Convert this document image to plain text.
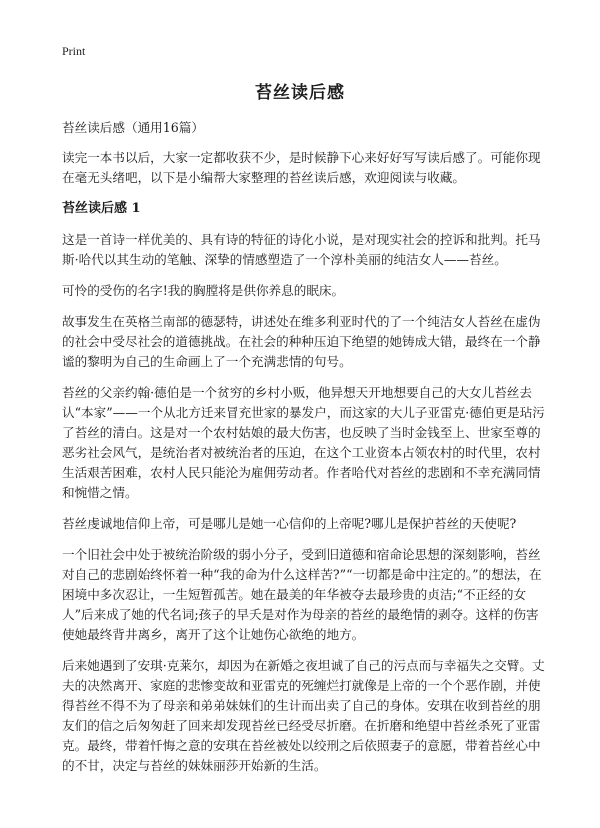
Print
苔丝读后感

苔丝读后感（通用16篇）

读完一本书以后，大家一定都收获不少，是时候静下心来好好写写读后感了。可能你现在毫无头绪吧，以下是小编帮大家整理的苔丝读后感，欢迎阅读与收藏。

苔丝读后感 1

这是一首诗一样优美的、具有诗的特征的诗化小说，是对现实社会的控诉和批判。托马斯·哈代以其生动的笔触、深挚的情感塑造了一个淳朴美丽的纯洁女人——苔丝。

可怜的受伤的名字!我的胸膛将是供你养息的眠床。

故事发生在英格兰南部的德瑟特，讲述处在维多利亚时代的了一个纯洁女人苔丝在虚伪的社会中受尽社会的道德挑战。在社会的种种压迫下绝望的她铸成大错，最终在一个静谧的黎明为自己的生命画上了一个充满悲情的句号。

苔丝的父亲约翰·德伯是一个贫穷的乡村小贩，他异想天开地想要自己的大女儿苔丝去认“本家”——一个从北方迁来冒充世家的暴发户，而这家的大儿子亚雷克·德伯更是玷污了苔丝的清白。这是对一个农村姑娘的最大伤害，也反映了当时金钱至上、世家至尊的恶劣社会风气，是统治者对被统治者的压迫，在这个工业资本占领农村的时代里，农村生活艰苦困难，农村人民只能沦为雇佣劳动者。作者哈代对苔丝的悲剧和不幸充满同情和惋惜之情。

苔丝虔诚地信仰上帝，可是哪儿是她一心信仰的上帝呢?哪儿是保护苔丝的天使呢?

一个旧社会中处于被统治阶级的弱小分子，受到旧道德和宿命论思想的深刻影响，苔丝对自己的悲剧始终怀着一种“我的命为什么这样苦?”“一切都是命中注定的。”的想法，在困境中多次忍让，一生短暂孤苦。她在最美的年华被夺去最珍贵的贞洁;“不正经的女人”后来成了她的代名词;孩子的早夭是对作为母亲的苔丝的最绝情的剥夺。这样的伤害使她最终背井离乡，离开了这个让她伤心欲绝的地方。

后来她遇到了安琪·克莱尔，却因为在新婚之夜坦诚了自己的污点而与幸福失之交臂。丈夫的决然离开、家庭的悲惨变故和亚雷克的死缠烂打就像是上帝的一个个恶作剧，并使得苔丝不得不为了母亲和弟弟妹妹们的生计而出卖了自己的身体。安琪在收到苔丝的朋友们的信之后匆匆赶了回来却发现苔丝已经受尽折磨。在折磨和绝望中苔丝杀死了亚雷克。最终，带着忏悔之意的安琪在苔丝被处以绞刑之后依照妻子的意愿，带着苔丝心中的不甘，决定与苔丝的妹妹丽莎开始新的生活。
